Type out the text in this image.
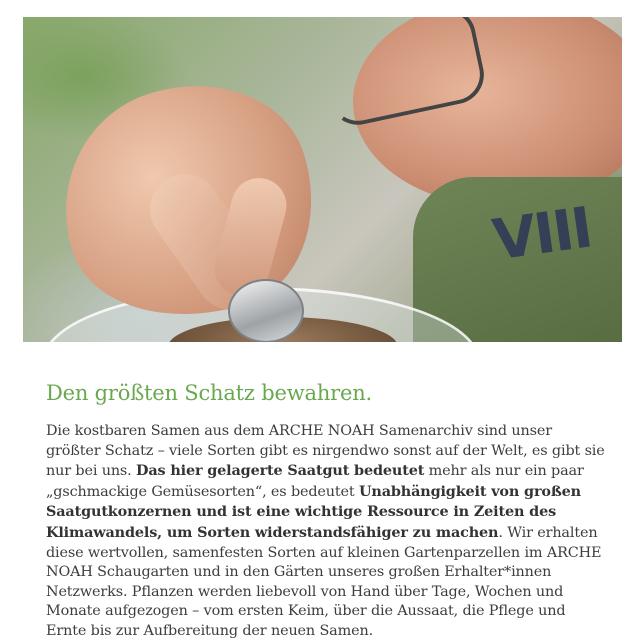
VIII
Den größten Schatz bewahren.

Die kostbaren Samen aus dem ARCHE NOAH Samenarchiv sind unser größter Schatz – viele Sorten gibt es nirgendwo sonst auf der Welt, es gibt sie nur bei uns. Das hier gelagerte Saatgut bedeutet mehr als nur ein paar „gschmackige Gemüsesorten“, es bedeutet Unabhängigkeit von großen Saatgutkonzernen und ist eine wichtige Ressource in Zeiten des Klimawandels, um Sorten widerstandsfähiger zu machen. Wir erhalten diese wertvollen, samenfesten Sorten auf kleinen Gartenparzellen im ARCHE NOAH Schaugarten und in den Gärten unseres großen Erhalter*innen Netzwerks. Pflanzen werden liebevoll von Hand über Tage, Wochen und Monate aufgezogen – vom ersten Keim, über die Aussaat, die Pflege und Ernte bis zur Aufbereitung der neuen Samen.
